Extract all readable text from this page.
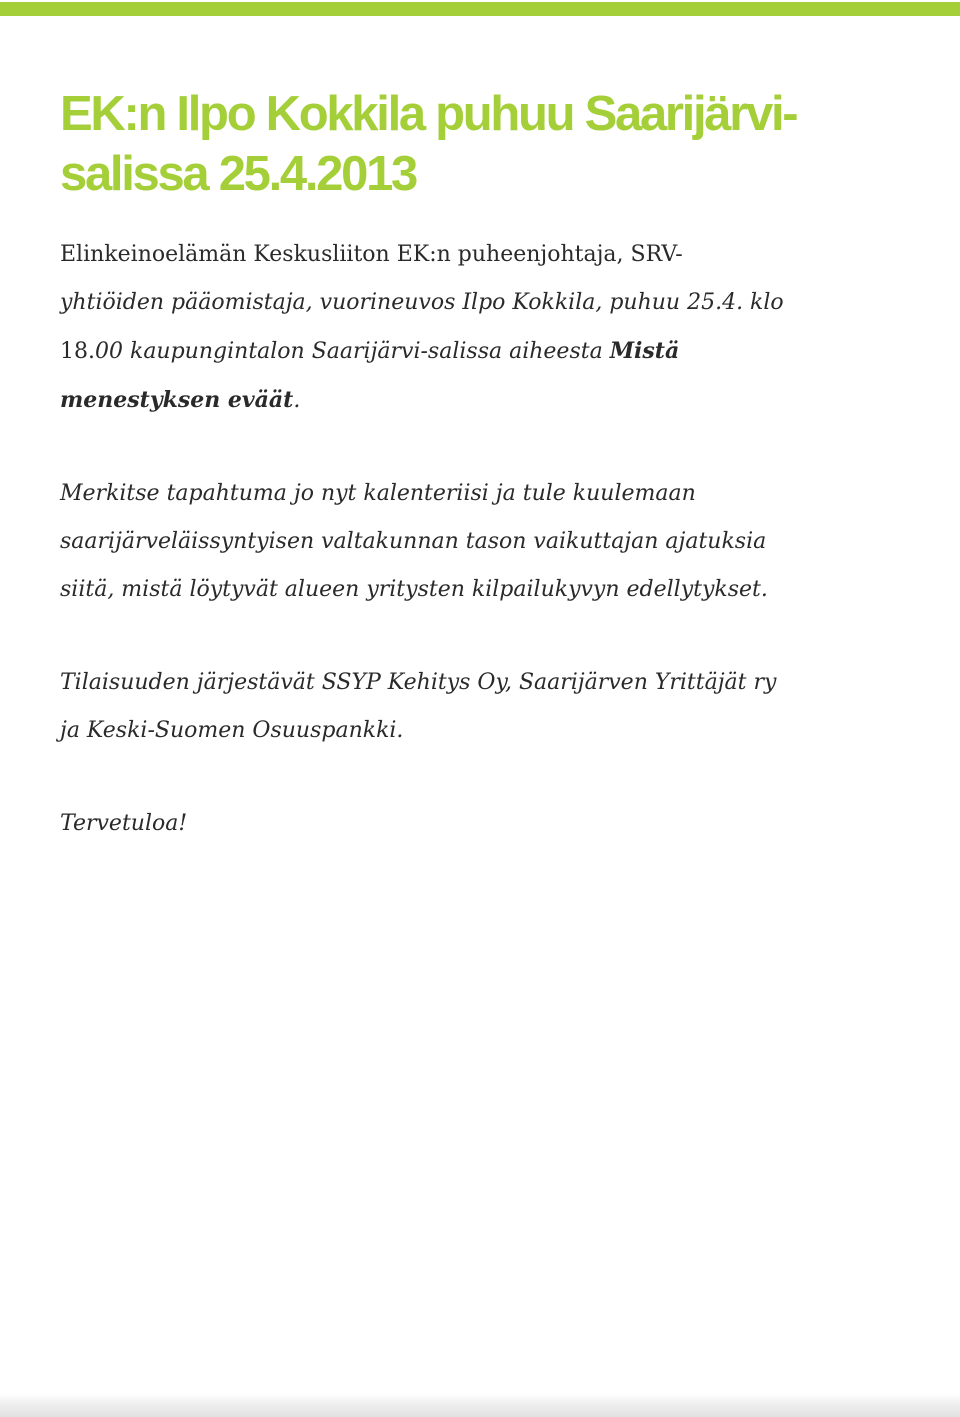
EK:n Ilpo Kokkila puhuu Saarijärvi-
salissa 25.4.2013

Elinkeinoelämän Keskusliiton EK:n puheenjohtaja, SRV-
yhtiöiden pääomistaja, vuorineuvos Ilpo Kokkila, puhuu 25.4. klo
18.00 kaupungintalon Saarijärvi-salissa aiheesta Mistä
menestyksen eväät.

Merkitse tapahtuma jo nyt kalenteriisi ja tule kuulemaan
saarijärveläissyntyisen valtakunnan tason vaikuttajan ajatuksia
siitä, mistä löytyvät alueen yritysten kilpailukyvyn edellytykset.

Tilaisuuden järjestävät SSYP Kehitys Oy, Saarijärven Yrittäjät ry
ja Keski-Suomen Osuuspankki.

Tervetuloa!
